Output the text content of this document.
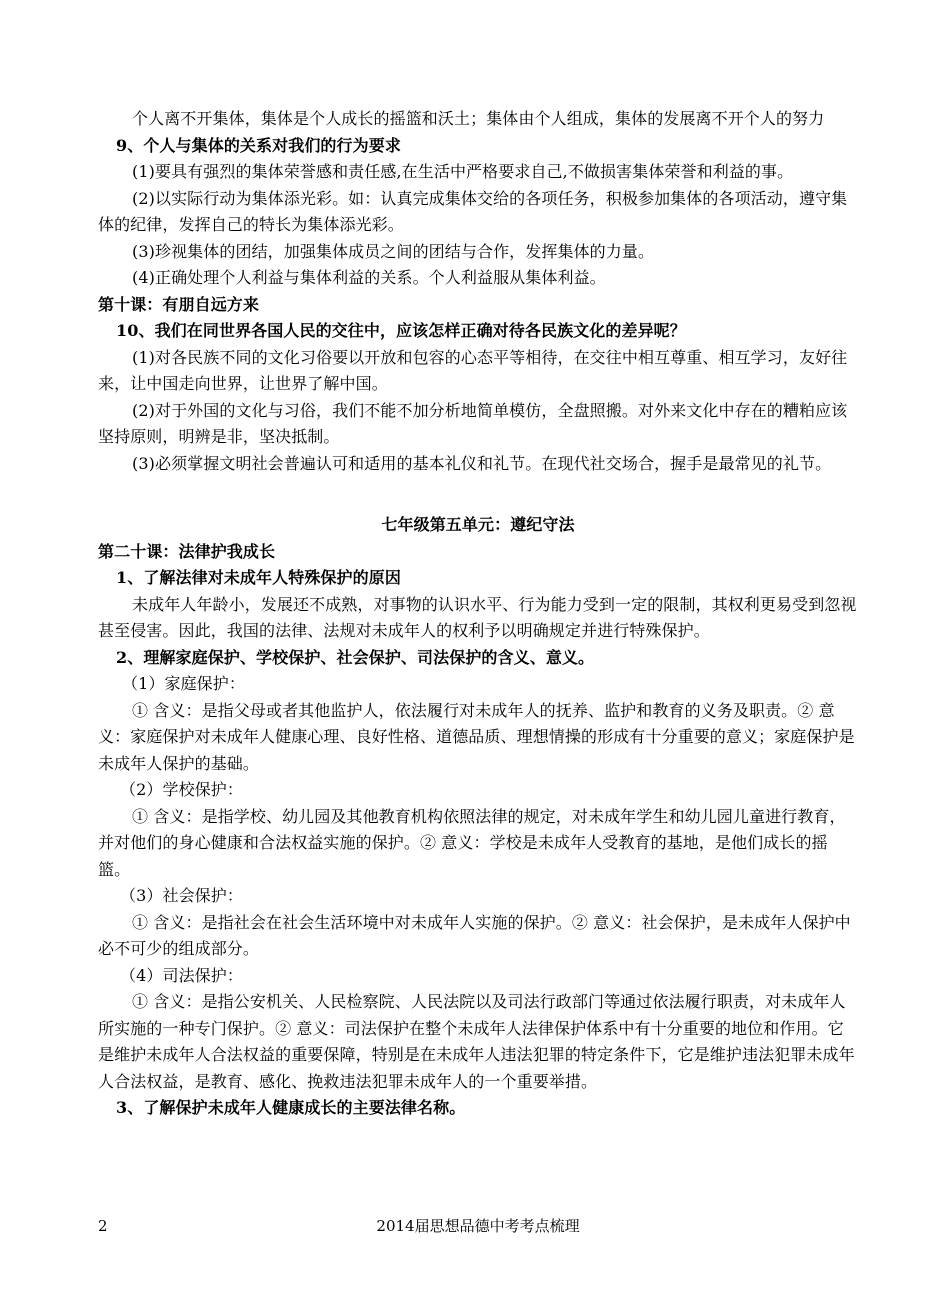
个人离不开集体，集体是个人成长的摇篮和沃土；集体由个人组成，集体的发展离不开个人的努力

9、个人与集体的关系对我们的行为要求

(1)要具有强烈的集体荣誉感和责任感,在生活中严格要求自己,不做损害集体荣誉和利益的事。

(2)以实际行动为集体添光彩。如：认真完成集体交给的各项任务，积极参加集体的各项活动，遵守集体的纪律，发挥自己的特长为集体添光彩。

(3)珍视集体的团结，加强集体成员之间的团结与合作，发挥集体的力量。

(4)正确处理个人利益与集体利益的关系。个人利益服从集体利益。

第十课：有朋自远方来

10、我们在同世界各国人民的交往中，应该怎样正确对待各民族文化的差异呢？

(1)对各民族不同的文化习俗要以开放和包容的心态平等相待，在交往中相互尊重、相互学习，友好往来，让中国走向世界，让世界了解中国。

(2)对于外国的文化与习俗，我们不能不加分析地简单模仿，全盘照搬。对外来文化中存在的糟粕应该坚持原则，明辨是非，坚决抵制。

(3)必须掌握文明社会普遍认可和适用的基本礼仪和礼节。在现代社交场合，握手是最常见的礼节。

七年级第五单元：遵纪守法

第二十课：法律护我成长

1、了解法律对未成年人特殊保护的原因

未成年人年龄小，发展还不成熟，对事物的认识水平、行为能力受到一定的限制，其权利更易受到忽视甚至侵害。因此，我国的法律、法规对未成年人的权利予以明确规定并进行特殊保护。

2、理解家庭保护、学校保护、社会保护、司法保护的含义、意义。

（1）家庭保护：

① 含义：是指父母或者其他监护人，依法履行对未成年人的抚养、监护和教育的义务及职责。② 意义：家庭保护对未成年人健康心理、良好性格、道德品质、理想情操的形成有十分重要的意义；家庭保护是未成年人保护的基础。

（2）学校保护：

① 含义：是指学校、幼儿园及其他教育机构依照法律的规定，对未成年学生和幼儿园儿童进行教育，并对他们的身心健康和合法权益实施的保护。② 意义：学校是未成年人受教育的基地，是他们成长的摇篮。

（3）社会保护：

① 含义：是指社会在社会生活环境中对未成年人实施的保护。② 意义：社会保护，是未成年人保护中必不可少的组成部分。

（4）司法保护：

① 含义：是指公安机关、人民检察院、人民法院以及司法行政部门等通过依法履行职责，对未成年人所实施的一种专门保护。② 意义：司法保护在整个未成年人法律保护体系中有十分重要的地位和作用。它是维护未成年人合法权益的重要保障，特别是在未成年人违法犯罪的特定条件下，它是维护违法犯罪未成年人合法权益，是教育、感化、挽救违法犯罪未成年人的一个重要举措。

3、了解保护未成年人健康成长的主要法律名称。

2	2014届思想品德中考考点梳理
